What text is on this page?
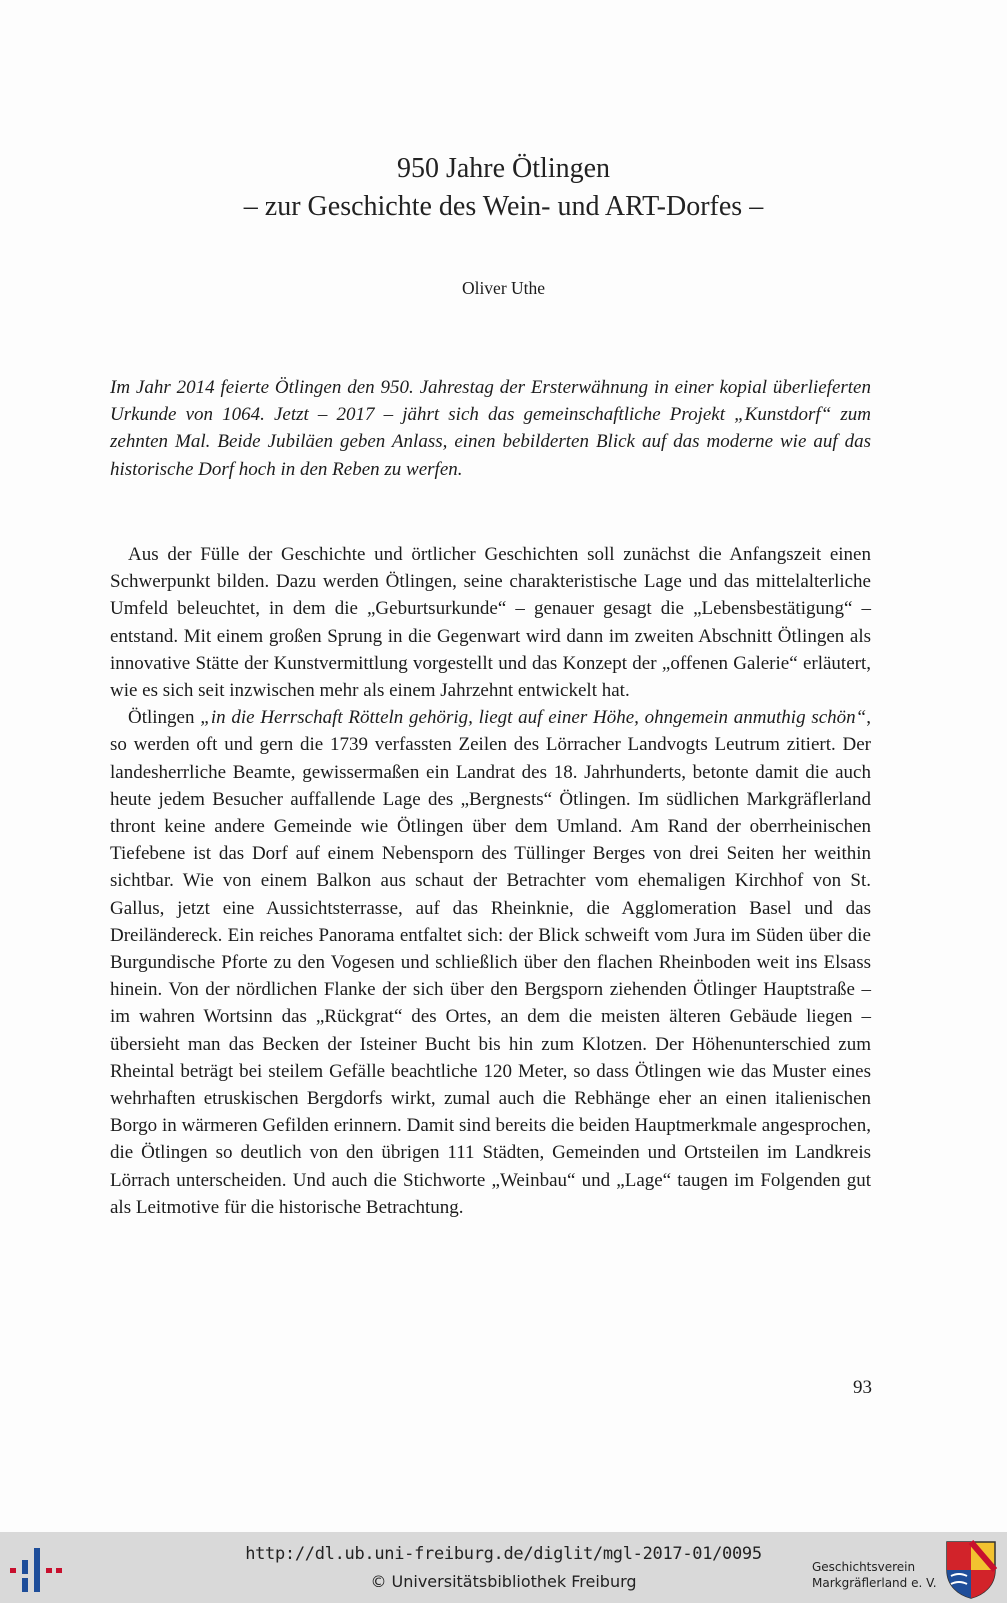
950 Jahre Ötlingen
– zur Geschichte des Wein- und ART-Dorfes –
Oliver Uthe

Im Jahr 2014 feierte Ötlingen den 950. Jahrestag der Ersterwähnung in einer kopial überlieferten Urkunde von 1064. Jetzt – 2017 – jährt sich das gemeinschaftliche Projekt „Kunstdorf“ zum zehnten Mal. Beide Jubiläen geben Anlass, einen bebilderten Blick auf das moderne wie auf das historische Dorf hoch in den Reben zu werfen.

Aus der Fülle der Geschichte und örtlicher Geschichten soll zunächst die Anfangszeit einen Schwerpunkt bilden. Dazu werden Ötlingen, seine charakteristische Lage und das mittelalterliche Umfeld beleuchtet, in dem die „Geburtsurkunde“ – genauer gesagt die „Lebensbestätigung“ – entstand. Mit einem großen Sprung in die Gegenwart wird dann im zweiten Abschnitt Ötlingen als innovative Stätte der Kunstvermittlung vorgestellt und das Konzept der „offenen Galerie“ erläutert, wie es sich seit inzwischen mehr als einem Jahrzehnt entwickelt hat.

Ötlingen „in die Herrschaft Rötteln gehörig, liegt auf einer Höhe, ohngemein anmuthig schön“, so werden oft und gern die 1739 verfassten Zeilen des Lörracher Landvogts Leutrum zitiert. Der landesherrliche Beamte, gewissermaßen ein Landrat des 18. Jahrhunderts, betonte damit die auch heute jedem Besucher auffallende Lage des „Bergnests“ Ötlingen. Im südlichen Markgräflerland thront keine andere Gemeinde wie Ötlingen über dem Umland. Am Rand der oberrheinischen Tiefebene ist das Dorf auf einem Nebensporn des Tüllinger Berges von drei Seiten her weithin sichtbar. Wie von einem Balkon aus schaut der Betrachter vom ehemaligen Kirchhof von St. Gallus, jetzt eine Aussichtsterrasse, auf das Rheinknie, die Agglomeration Basel und das Dreiländereck. Ein reiches Panorama entfaltet sich: der Blick schweift vom Jura im Süden über die Burgundische Pforte zu den Vogesen und schließlich über den flachen Rheinboden weit ins Elsass hinein. Von der nördlichen Flanke der sich über den Bergsporn ziehenden Ötlinger Hauptstraße – im wahren Wortsinn das „Rückgrat“ des Ortes, an dem die meisten älteren Gebäude liegen – übersieht man das Becken der Isteiner Bucht bis hin zum Klotzen. Der Höhenunterschied zum Rheintal beträgt bei steilem Gefälle beachtliche 120 Meter, so dass Ötlingen wie das Muster eines wehrhaften etruskischen Bergdorfs wirkt, zumal auch die Rebhänge eher an einen italienischen Borgo in wärmeren Gefilden erinnern. Damit sind bereits die beiden Hauptmerkmale angesprochen, die Ötlingen so deutlich von den übrigen 111 Städten, Gemeinden und Ortsteilen im Landkreis Lörrach unterscheiden. Und auch die Stichworte „Weinbau“ und „Lage“ taugen im Folgenden gut als Leitmotive für die historische Betrachtung.

93
http://dl.ub.uni-freiburg.de/diglit/mgl-2017-01/0095
© Universitätsbibliothek Freiburg
Geschichtsverein
Markgräflerland e. V.
